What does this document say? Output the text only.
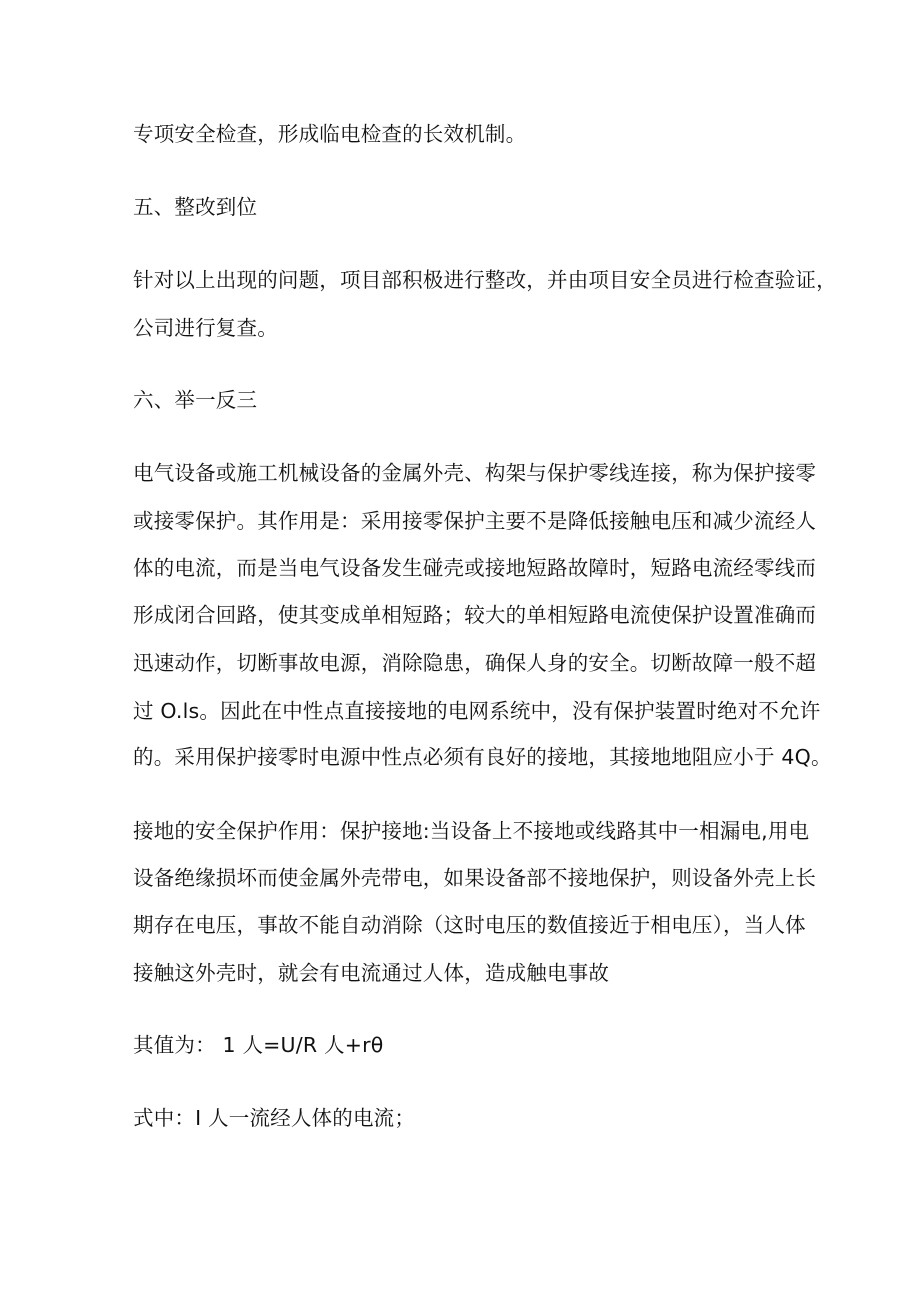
专项安全检查，形成临电检查的长效机制。

五、整改到位

针对以上出现的问题，项目部积极进行整改，并由项目安全员进行检查验证，

公司进行复查。

六、举一反三

电气设备或施工机械设备的金属外壳、构架与保护零线连接，称为保护接零

或接零保护。其作用是：采用接零保护主要不是降低接触电压和减少流经人

体的电流，而是当电气设备发生碰壳或接地短路故障时，短路电流经零线而

形成闭合回路，使其变成单相短路；较大的单相短路电流使保护设置准确而

迅速动作，切断事故电源，消除隐患，确保人身的安全。切断故障一般不超

过 O.ls。因此在中性点直接接地的电网系统中，没有保护装置时绝对不允许

的。采用保护接零时电源中性点必须有良好的接地，其接地地阻应小于 4Q。

接地的安全保护作用：保护接地:当设备上不接地或线路其中一相漏电,用电

设备绝缘损坏而使金属外壳带电，如果设备部不接地保护，则设备外壳上长

期存在电压，事故不能自动消除（这时电压的数值接近于相电压），当人体

接触这外壳时，就会有电流通过人体，造成触电事故

其值为： 1 人=U/R 人+rθ

式中：I 人一流经人体的电流；
